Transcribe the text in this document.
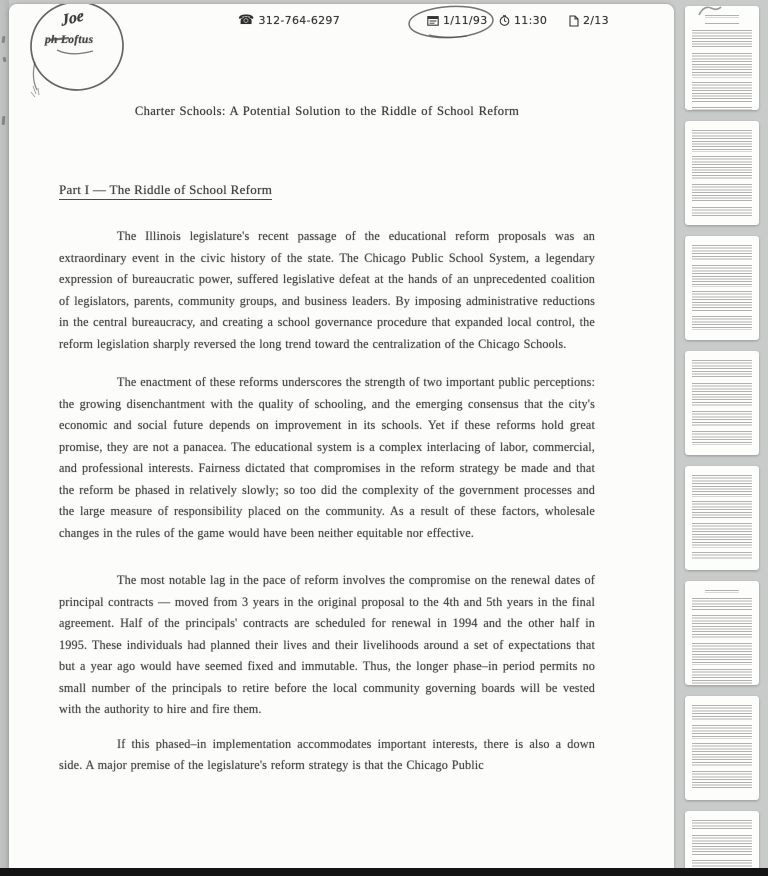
Joe
ph Loftus
☎ 312-764-6297	1/11/93 11:30	2/13
Charter Schools: A Potential Solution to the Riddle of School Reform
Part I — The Riddle of School Reform

The Illinois legislature's recent passage of the educational reform proposals was an extraordinary event in the civic history of the state. The Chicago Public School System, a legendary expression of bureaucratic power, suffered legislative defeat at the hands of an unprecedented coalition of legislators, parents, community groups, and business leaders. By imposing administrative reductions in the central bureaucracy, and creating a school governance procedure that expanded local control, the reform legislation sharply reversed the long trend toward the centralization of the Chicago Schools.

The enactment of these reforms underscores the strength of two important public perceptions: the growing disenchantment with the quality of schooling, and the emerging consensus that the city's economic and social future depends on improvement in its schools. Yet if these reforms hold great promise, they are not a panacea. The educational system is a complex interlacing of labor, commercial, and professional interests. Fairness dictated that compromises in the reform strategy be made and that the reform be phased in relatively slowly; so too did the complexity of the government processes and the large measure of responsibility placed on the community. As a result of these factors, wholesale changes in the rules of the game would have been neither equitable nor effective.

The most notable lag in the pace of reform involves the compromise on the renewal dates of principal contracts — moved from 3 years in the original proposal to the 4th and 5th years in the final agreement. Half of the principals' contracts are scheduled for renewal in 1994 and the other half in 1995. These individuals had planned their lives and their livelihoods around a set of expectations that but a year ago would have seemed fixed and immutable. Thus, the longer phase–in period permits no small number of the principals to retire before the local community governing boards will be vested with the authority to hire and fire them.

If this phased–in implementation accommodates important interests, there is also a down side. A major premise of the legislature's reform strategy is that the Chicago Public
